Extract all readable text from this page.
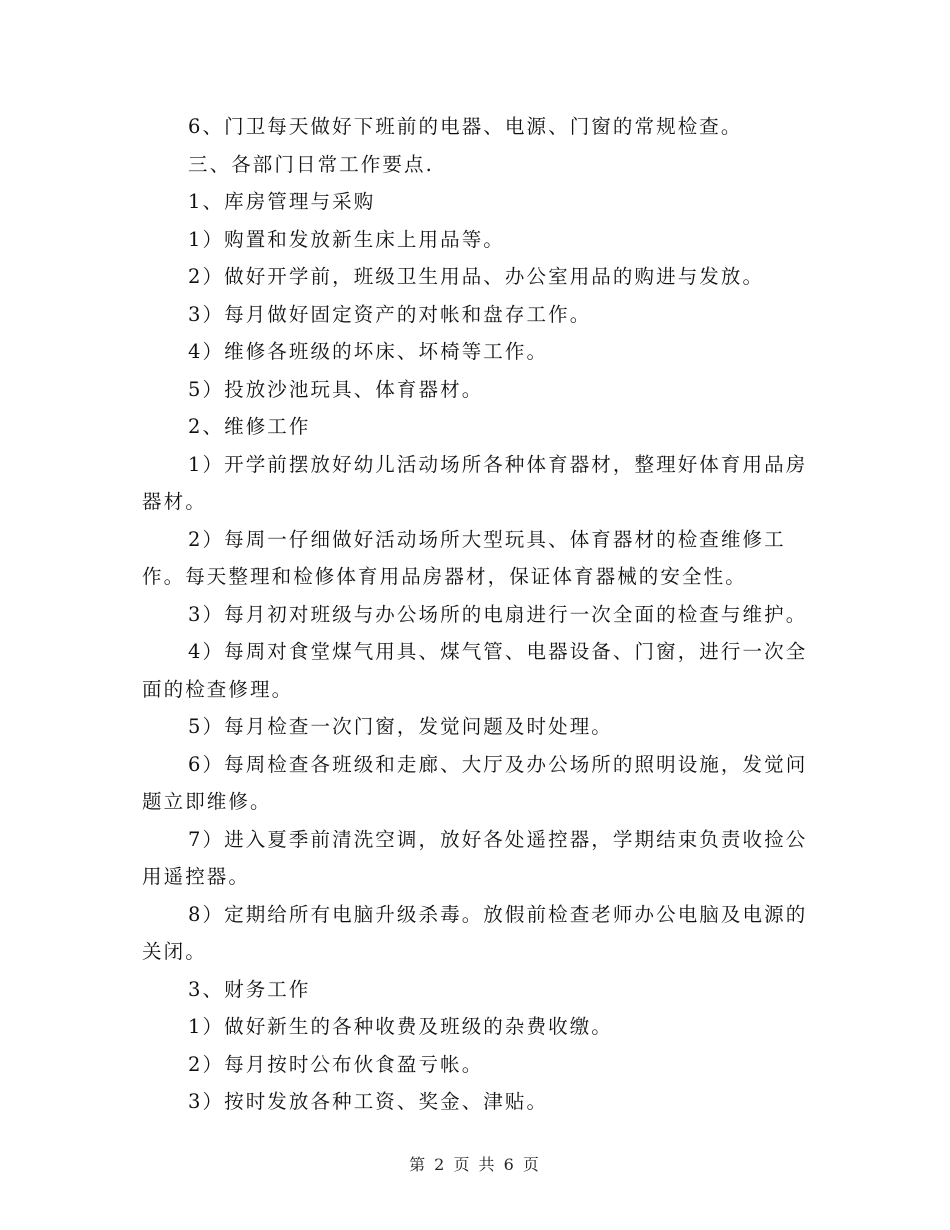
6、门卫每天做好下班前的电器、电源、门窗的常规检查。

三、各部门日常工作要点.

1、库房管理与采购

1）购置和发放新生床上用品等。

2）做好开学前，班级卫生用品、办公室用品的购进与发放。

3）每月做好固定资产的对帐和盘存工作。

4）维修各班级的坏床、坏椅等工作。

5）投放沙池玩具、体育器材。

2、维修工作

1）开学前摆放好幼儿活动场所各种体育器材，整理好体育用品房器材。

2）每周一仔细做好活动场所大型玩具、体育器材的检查维修工作。每天整理和检修体育用品房器材，保证体育器械的安全性。

3）每月初对班级与办公场所的电扇进行一次全面的检查与维护。

4）每周对食堂煤气用具、煤气管、电器设备、门窗，进行一次全面的检查修理。

5）每月检查一次门窗，发觉问题及时处理。

6）每周检查各班级和走廊、大厅及办公场所的照明设施，发觉问题立即维修。

7）进入夏季前清洗空调，放好各处遥控器，学期结束负责收捡公用遥控器。

8）定期给所有电脑升级杀毒。放假前检查老师办公电脑及电源的关闭。

3、财务工作

1）做好新生的各种收费及班级的杂费收缴。

2）每月按时公布伙食盈亏帐。

3）按时发放各种工资、奖金、津贴。

第 2 页 共 6 页
